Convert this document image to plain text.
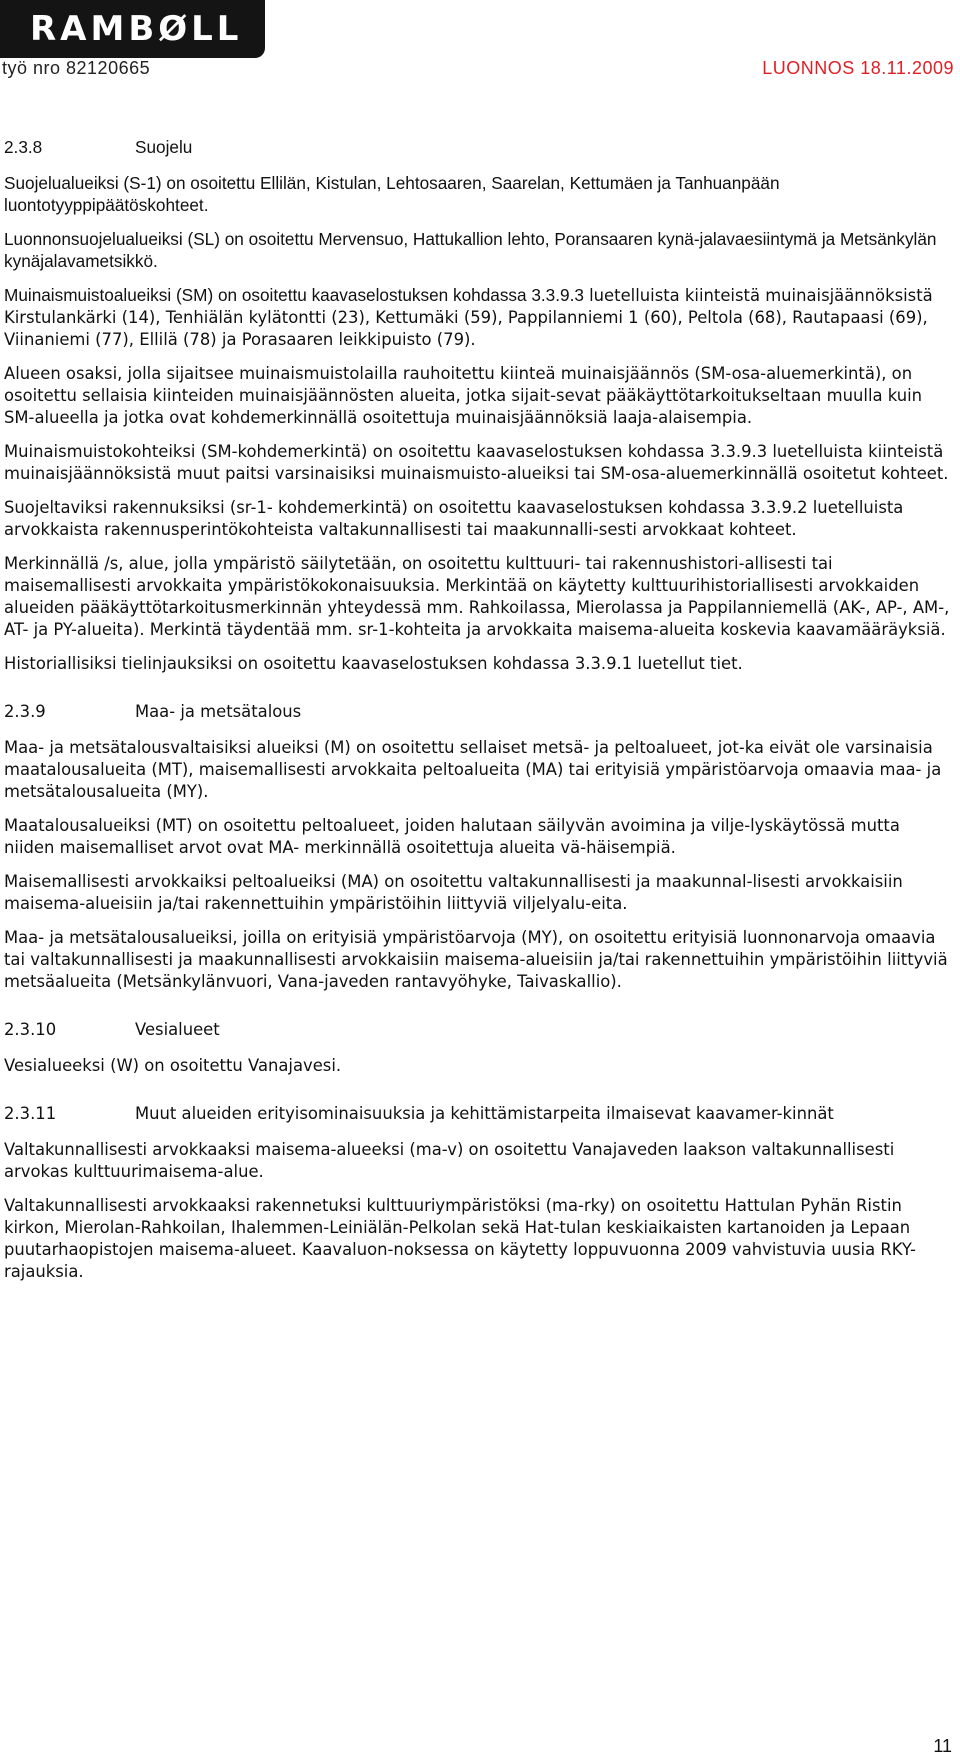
RAMBØLL
työ nro 82120665	LUONNOS 18.11.2009
2.3.8	Suojelu

Suojelualueiksi (S-1) on osoitettu Ellilän, Kistulan, Lehtosaaren, Saarelan, Kettumäen ja Tanhuanpään luontotyyppipäätöskohteet.

Luonnonsuojelualueiksi (SL) on osoitettu Mervensuo, Hattukallion lehto, Poransaaren kynä-jalavaesiintymä ja Metsänkylän kynäjalavametsikkö.

Muinaismuistoalueiksi (SM) on osoitettu kaavaselostuksen kohdassa 3.3.9.3 luetelluista kiinteistä muinaisjäännöksistä Kirstulankärki (14), Tenhiälän kylätontti (23), Kettumäki (59), Pappilanniemi 1 (60), Peltola (68), Rautapaasi (69), Viinaniemi (77), Ellilä (78) ja Porasaaren leikkipuisto (79).

Alueen osaksi, jolla sijaitsee muinaismuistolailla rauhoitettu kiinteä muinaisjäännös (SM-osa-aluemerkintä), on osoitettu sellaisia kiinteiden muinaisjäännösten alueita, jotka sijait-sevat pääkäyttötarkoitukseltaan muulla kuin SM-alueella ja jotka ovat kohdemerkinnällä osoitettuja muinaisjäännöksiä laaja-alaisempia.

Muinaismuistokohteiksi (SM-kohdemerkintä) on osoitettu kaavaselostuksen kohdassa 3.3.9.3 luetelluista kiinteistä muinaisjäännöksistä muut paitsi varsinaisiksi muinaismuisto-alueiksi tai SM-osa-aluemerkinnällä osoitetut kohteet.

Suojeltaviksi rakennuksiksi (sr-1- kohdemerkintä) on osoitettu kaavaselostuksen kohdassa 3.3.9.2 luetelluista arvokkaista rakennusperintökohteista valtakunnallisesti tai maakunnalli-sesti arvokkaat kohteet.

Merkinnällä /s, alue, jolla ympäristö säilytetään, on osoitettu kulttuuri- tai rakennushistori-allisesti tai maisemallisesti arvokkaita ympäristökokonaisuuksia. Merkintää on käytetty kulttuurihistoriallisesti arvokkaiden alueiden pääkäyttötarkoitusmerkinnän yhteydessä mm. Rahkoilassa, Mierolassa ja Pappilanniemellä (AK-, AP-, AM-, AT- ja PY-alueita). Merkintä täydentää mm. sr-1-kohteita ja arvokkaita maisema-alueita koskevia kaavamääräyksiä.

Historiallisiksi tielinjauksiksi on osoitettu kaavaselostuksen kohdassa 3.3.9.1 luetellut tiet.

2.3.9	Maa- ja metsätalous

Maa- ja metsätalousvaltaisiksi alueiksi (M) on osoitettu sellaiset metsä- ja peltoalueet, jot-ka eivät ole varsinaisia maatalousalueita (MT), maisemallisesti arvokkaita peltoalueita (MA) tai erityisiä ympäristöarvoja omaavia maa- ja metsätalousalueita (MY).

Maatalousalueiksi (MT) on osoitettu peltoalueet, joiden halutaan säilyvän avoimina ja vilje-lyskäytössä mutta niiden maisemalliset arvot ovat MA- merkinnällä osoitettuja alueita vä-häisempiä.

Maisemallisesti arvokkaiksi peltoalueiksi (MA) on osoitettu valtakunnallisesti ja maakunnal-lisesti arvokkaisiin maisema-alueisiin ja/tai rakennettuihin ympäristöihin liittyviä viljelyalu-eita.

Maa- ja metsätalousalueiksi, joilla on erityisiä ympäristöarvoja (MY), on osoitettu erityisiä luonnonarvoja omaavia tai valtakunnallisesti ja maakunnallisesti arvokkaisiin maisema-alueisiin ja/tai rakennettuihin ympäristöihin liittyviä metsäalueita (Metsänkylänvuori, Vana-javeden rantavyöhyke, Taivaskallio).

2.3.10	Vesialueet

Vesialueeksi (W) on osoitettu Vanajavesi.

2.3.11	Muut alueiden erityisominaisuuksia ja kehittämistarpeita ilmaisevat kaavamer-kinnät

Valtakunnallisesti arvokkaaksi maisema-alueeksi (ma-v) on osoitettu Vanajaveden laakson valtakunnallisesti arvokas kulttuurimaisema-alue.

Valtakunnallisesti arvokkaaksi rakennetuksi kulttuuriympäristöksi (ma-rky) on osoitettu Hattulan Pyhän Ristin kirkon, Mierolan-Rahkoilan, Ihalemmen-Leiniälän-Pelkolan sekä Hat-tulan keskiaikaisten kartanoiden ja Lepaan puutarhaopistojen maisema-alueet. Kaavaluon-noksessa on käytetty loppuvuonna 2009 vahvistuvia uusia RKY-rajauksia.

11
